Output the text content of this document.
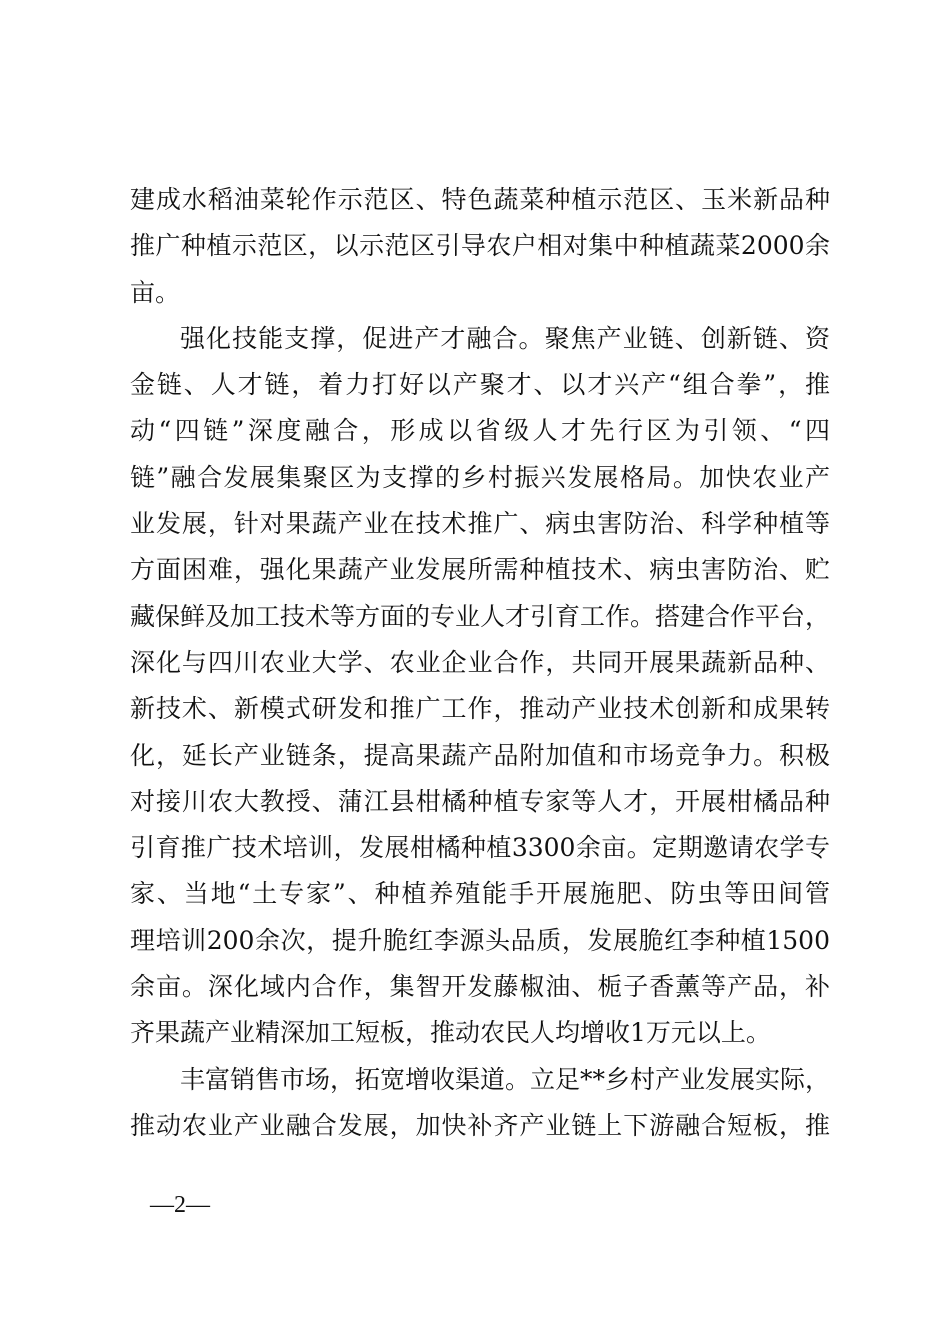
建成水稻油菜轮作示范区、特色蔬菜种植示范区、玉米新品种
推广种植示范区，以示范区引导农户相对集中种植蔬菜2000余
亩。
强化技能支撑，促进产才融合。聚焦产业链、创新链、资
金链、人才链，着力打好以产聚才、以才兴产“组合拳”，推
动“四链”深度融合，形成以省级人才先行区为引领、“四
链”融合发展集聚区为支撑的乡村振兴发展格局。加快农业产
业发展，针对果蔬产业在技术推广、病虫害防治、科学种植等
方面困难，强化果蔬产业发展所需种植技术、病虫害防治、贮
藏保鲜及加工技术等方面的专业人才引育工作。搭建合作平台，
深化与四川农业大学、农业企业合作，共同开展果蔬新品种、
新技术、新模式研发和推广工作，推动产业技术创新和成果转
化，延长产业链条，提高果蔬产品附加值和市场竞争力。积极
对接川农大教授、蒲江县柑橘种植专家等人才，开展柑橘品种
引育推广技术培训，发展柑橘种植3300余亩。定期邀请农学专
家、当地“土专家”、种植养殖能手开展施肥、防虫等田间管
理培训200余次，提升脆红李源头品质，发展脆红李种植1500
余亩。深化域内合作，集智开发藤椒油、栀子香薰等产品，补
齐果蔬产业精深加工短板，推动农民人均增收1万元以上。
丰富销售市场，拓宽增收渠道。立足**乡村产业发展实际，
推动农业产业融合发展，加快补齐产业链上下游融合短板，推
—2—
